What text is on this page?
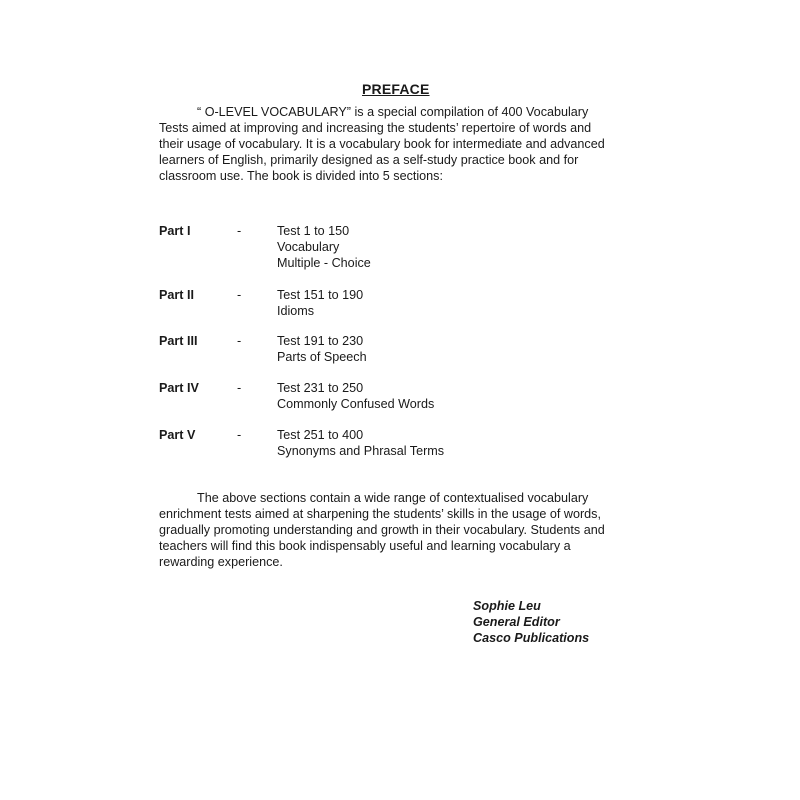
PREFACE

“ O-LEVEL VOCABULARY” is a special compilation of 400 Vocabulary
Tests aimed at improving and increasing the students’ repertoire of words and
their usage of vocabulary. It is a vocabulary book for intermediate and advanced
learners of English, primarily designed as a self-study practice book and for
classroom use. The book is divided into 5 sections:

Part I	-	Test 1 to 150
Vocabulary
Multiple - Choice
Part II	-	Test 151 to 190
Idioms
Part III	-	Test 191 to 230
Parts of Speech
Part IV	-	Test 231 to 250
Commonly Confused Words
Part V	-	Test 251 to 400
Synonyms and Phrasal Terms

The above sections contain a wide range of contextualised vocabulary
enrichment tests aimed at sharpening the students’ skills in the usage of words,
gradually promoting understanding and growth in their vocabulary. Students and
teachers will find this book indispensably useful and learning vocabulary a
rewarding experience.

Sophie Leu
General Editor
Casco Publications
